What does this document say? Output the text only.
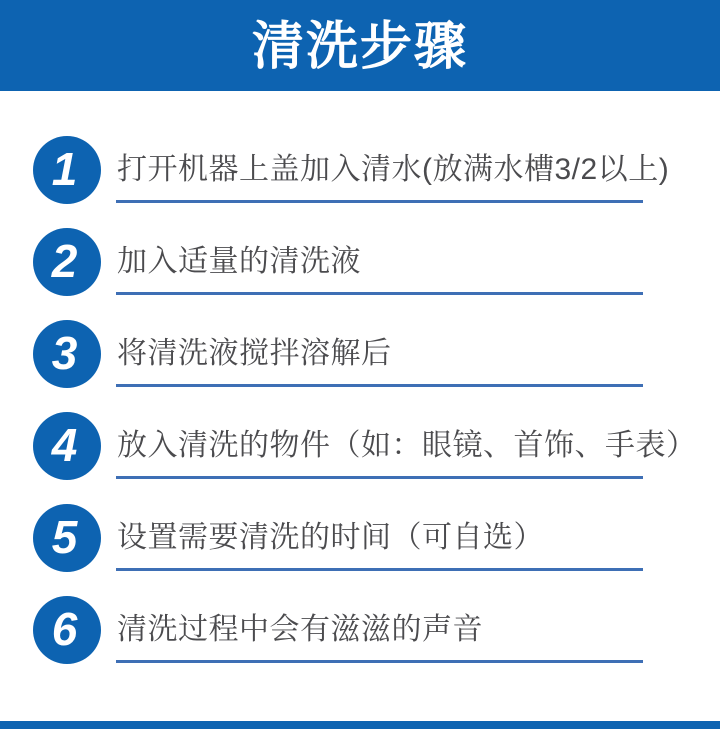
清洗步骤
1 打开机器上盖加入清水(放满水槽3/2以上)
2 加入适量的清洗液
3 将清洗液搅拌溶解后
4 放入清洗的物件（如：眼镜、首饰、手表）
5 设置需要清洗的时间（可自选）
6 清洗过程中会有滋滋的声音
